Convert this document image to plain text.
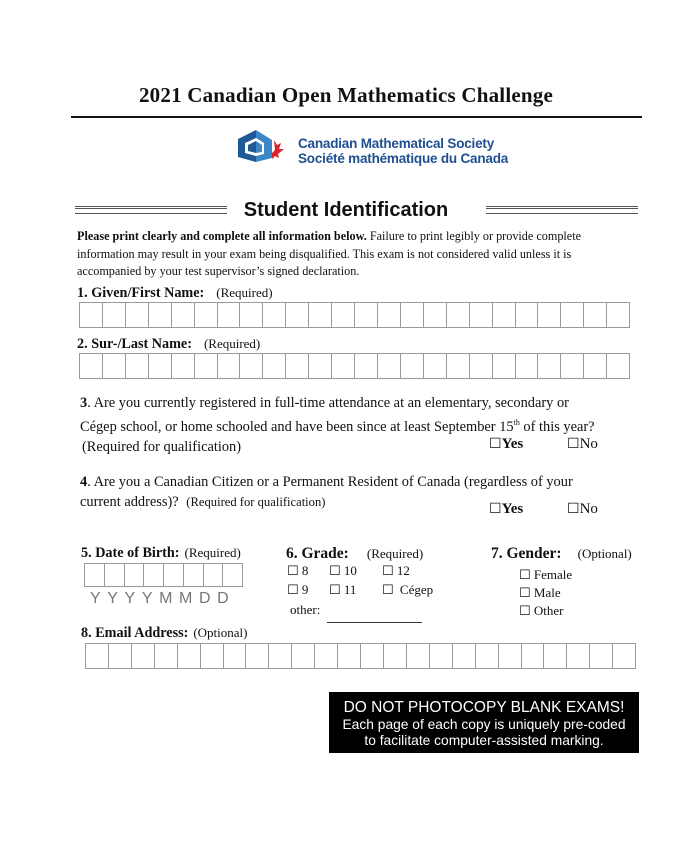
2021 Canadian Open Mathematics Challenge
Canadian Mathematical Society
Société mathématique du Canada
Student Identification
Please print clearly and complete all information below. Failure to print legibly or provide complete information may result in your exam being disqualified. This exam is not considered valid unless it is accompanied by your test supervisor’s signed declaration.
1. Given/First Name: (Required)
2. Sur-/Last Name: (Required)
3. Are you currently registered in full-time attendance at an elementary, secondary or
Cégep school, or home schooled and have been since at least September 15th of this year?
(Required for qualification)	☐Yes	☐No
4. Are you a Canadian Citizen or a Permanent Resident of Canada (regardless of your
current address)? (Required for qualification)	☐Yes	☐No
5. Date of Birth: (Required)
YYYYMMDD
6. Grade: (Required)
☐ 8 ☐ 10 ☐ 12
☐ 9 ☐ 11 ☐ Cégep
other:
7. Gender: (Optional)
☐ Female
☐ Male
☐ Other
8. Email Address: (Optional)
DO NOT PHOTOCOPY BLANK EXAMS!
Each page of each copy is uniquely pre-coded
to facilitate computer-assisted marking.
